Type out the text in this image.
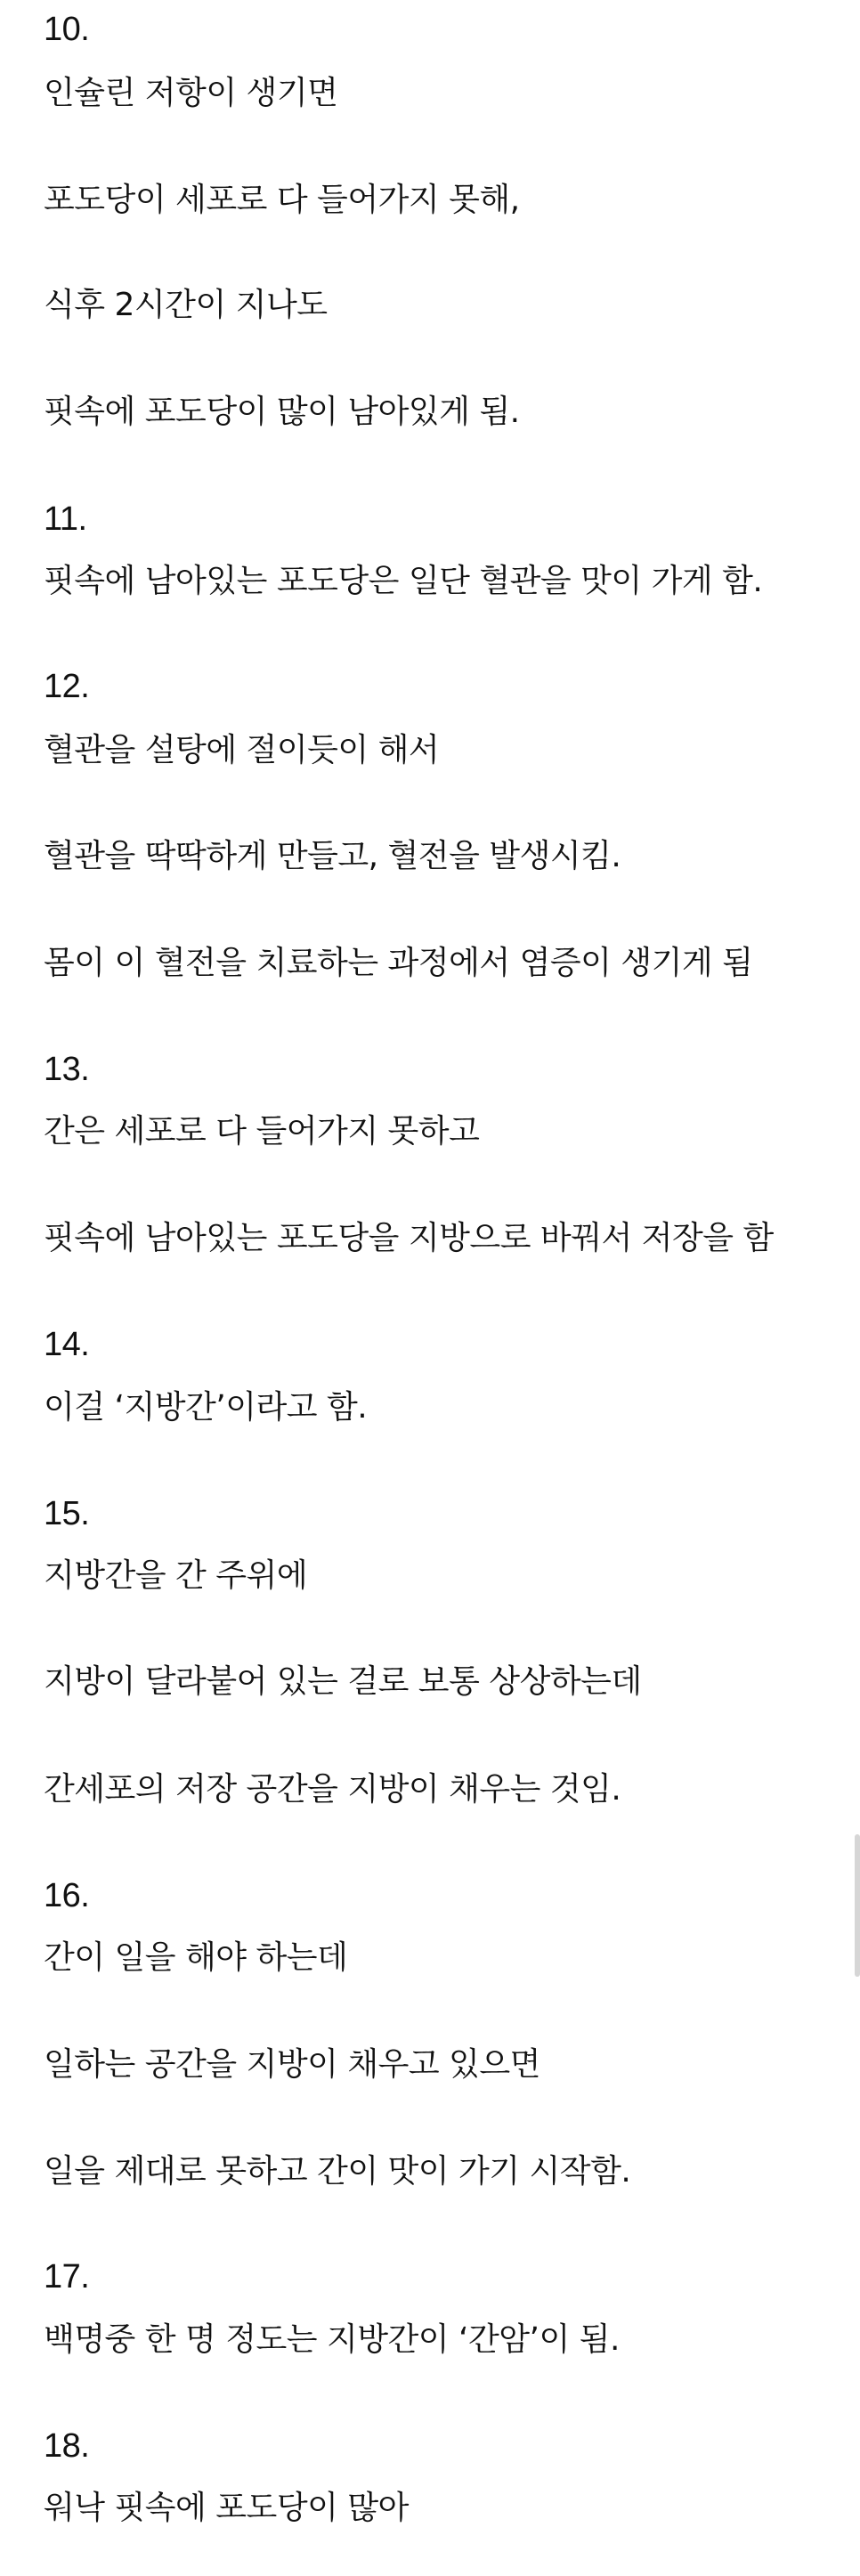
10.
인슐린 저항이 생기면
포도당이 세포로 다 들어가지 못해,
식후 2시간이 지나도
핏속에 포도당이 많이 남아있게 됨.
11.
핏속에 남아있는 포도당은 일단 혈관을 맛이 가게 함.
12.
혈관을 설탕에 절이듯이 해서
혈관을 딱딱하게 만들고, 혈전을 발생시킴.
몸이 이 혈전을 치료하는 과정에서 염증이 생기게 됨
13.
간은 세포로 다 들어가지 못하고
핏속에 남아있는 포도당을 지방으로 바꿔서 저장을 함
14.
이걸 ‘지방간’이라고 함.
15.
지방간을 간 주위에
지방이 달라붙어 있는 걸로 보통 상상하는데
간세포의 저장 공간을 지방이 채우는 것임.
16.
간이 일을 해야 하는데
일하는 공간을 지방이 채우고 있으면
일을 제대로 못하고 간이 맛이 가기 시작함.
17.
백명중 한 명 정도는 지방간이 ‘간암’이 됨.
18.
워낙 핏속에 포도당이 많아
